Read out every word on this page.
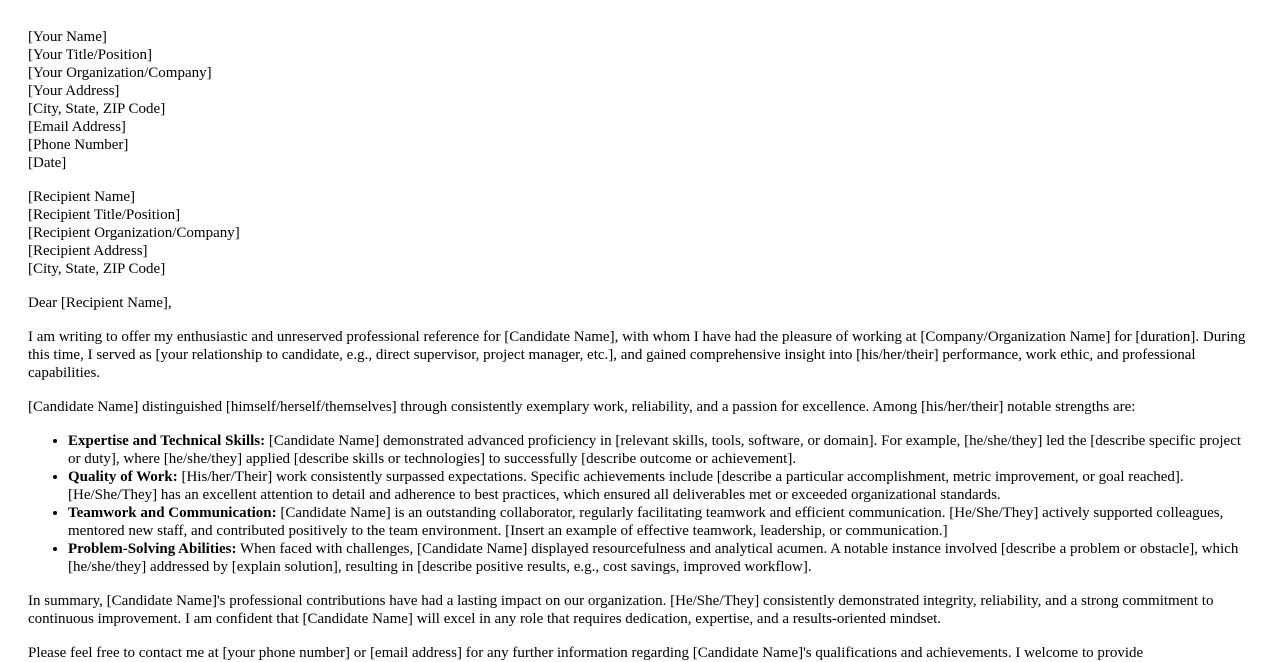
[Your Name]
[Your Title/Position]
[Your Organization/Company]
[Your Address]
[City, State, ZIP Code]
[Email Address]
[Phone Number]
[Date]
[Recipient Name]
[Recipient Title/Position]
[Recipient Organization/Company]
[Recipient Address]
[City, State, ZIP Code]

Dear [Recipient Name],

I am writing to offer my enthusiastic and unreserved professional reference for [Candidate Name], with whom I have had the pleasure of working at [Company/Organization Name] for [duration]. During this time, I served as [your relationship to candidate, e.g., direct supervisor, project manager, etc.], and gained comprehensive insight into [his/her/their] performance, work ethic, and professional capabilities.

[Candidate Name] distinguished [himself/herself/themselves] through consistently exemplary work, reliability, and a passion for excellence. Among [his/her/their] notable strengths are:

• Expertise and Technical Skills: [Candidate Name] demonstrated advanced proficiency in [relevant skills, tools, software, or domain]. For example, [he/she/they] led the [describe specific project or duty], where [he/she/they] applied [describe skills or technologies] to successfully [describe outcome or achievement].
• Quality of Work: [His/her/Their] work consistently surpassed expectations. Specific achievements include [describe a particular accomplishment, metric improvement, or goal reached]. [He/She/They] has an excellent attention to detail and adherence to best practices, which ensured all deliverables met or exceeded organizational standards.
• Teamwork and Communication: [Candidate Name] is an outstanding collaborator, regularly facilitating teamwork and efficient communication. [He/She/They] actively supported colleagues, mentored new staff, and contributed positively to the team environment. [Insert an example of effective teamwork, leadership, or communication.]
• Problem-Solving Abilities: When faced with challenges, [Candidate Name] displayed resourcefulness and analytical acumen. A notable instance involved [describe a problem or obstacle], which [he/she/they] addressed by [explain solution], resulting in [describe positive results, e.g., cost savings, improved workflow].

In summary, [Candidate Name]'s professional contributions have had a lasting impact on our organization. [He/She/They] consistently demonstrated integrity, reliability, and a strong commitment to continuous improvement. I am confident that [Candidate Name] will excel in any role that requires dedication, expertise, and a results-oriented mindset.

Please feel free to contact me at [your phone number] or [email address] for any further information regarding [Candidate Name]'s qualifications and achievements. I welcome to provide
